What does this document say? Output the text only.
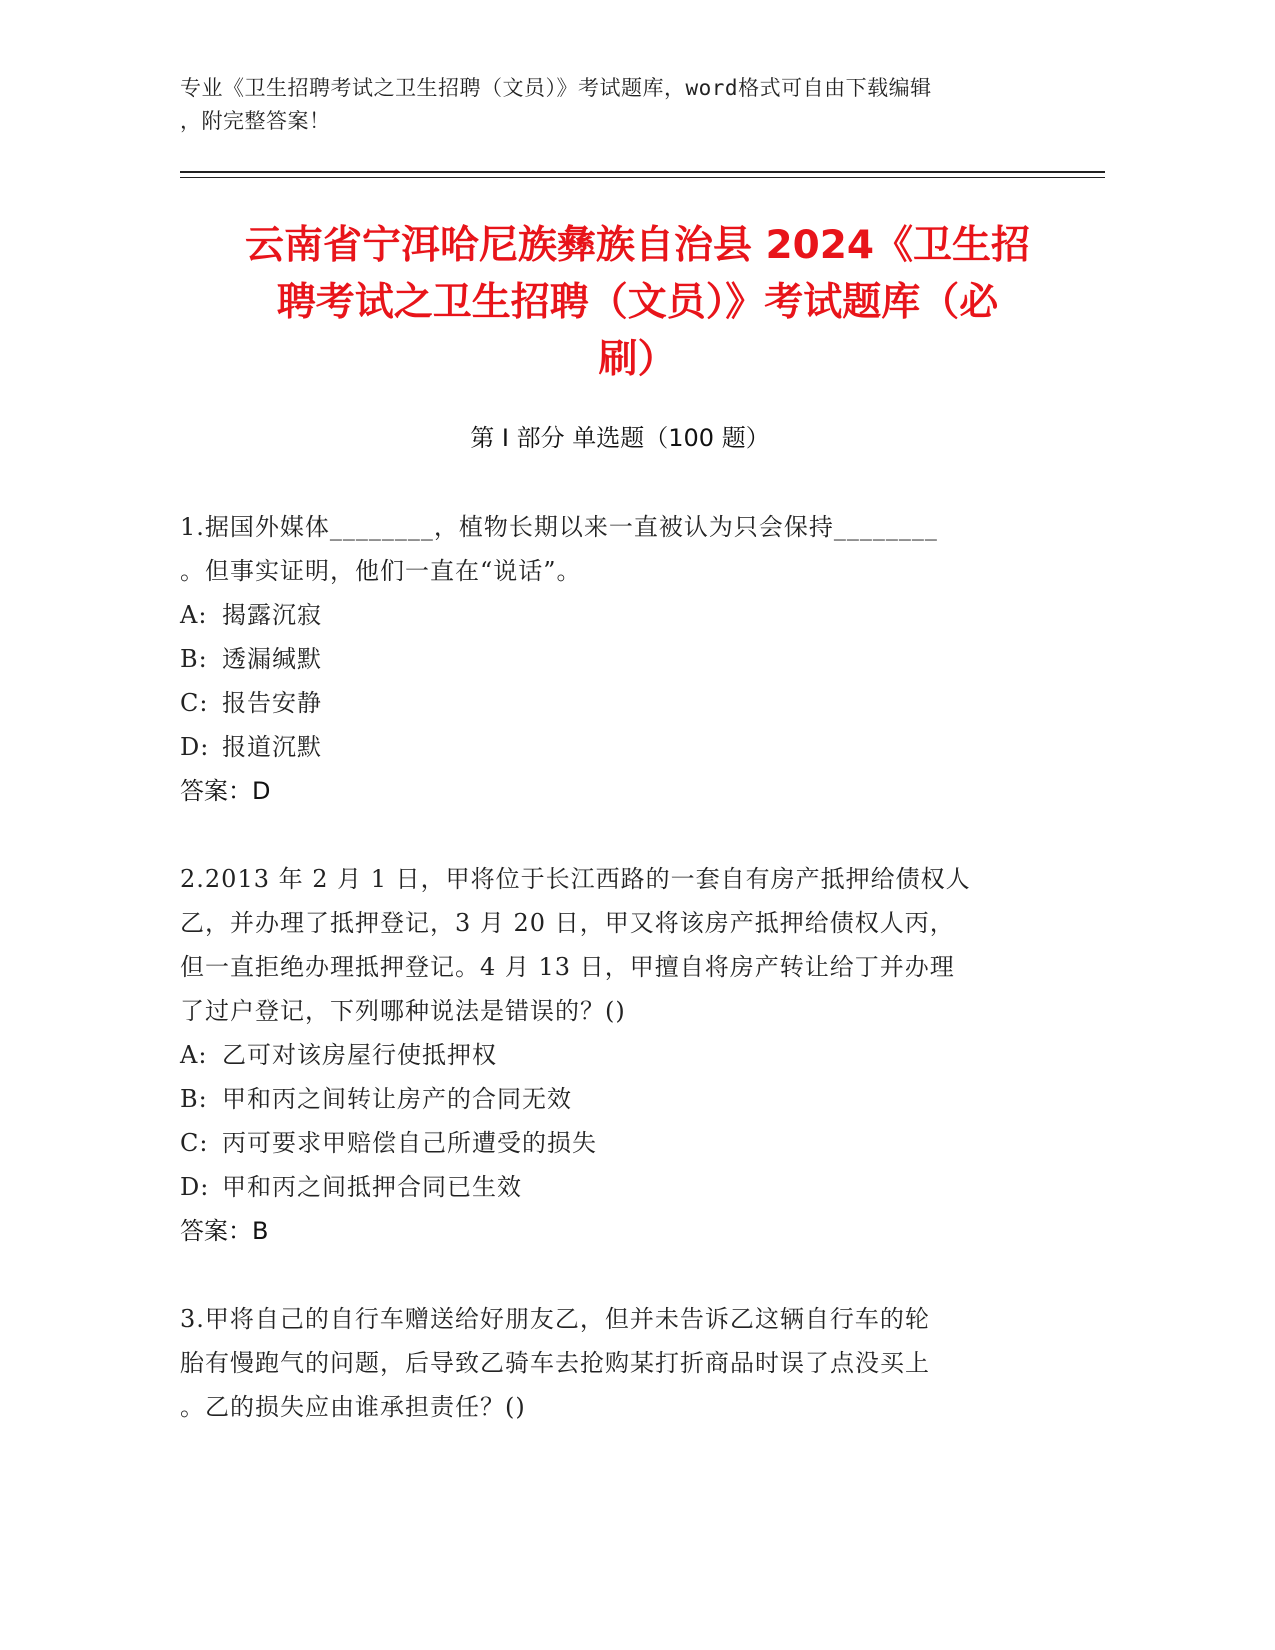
专业《卫生招聘考试之卫生招聘（文员）》考试题库，word格式可自由下载编辑
，附完整答案！
云南省宁洱哈尼族彝族自治县 2024《卫生招
聘考试之卫生招聘（文员）》考试题库（必
刷）
第 I 部分 单选题（100 题）
1.据国外媒体________，植物长期以来一直被认为只会保持________
。但事实证明，他们一直在“说话”。
A: 揭露沉寂
B: 透漏缄默
C: 报告安静
D: 报道沉默
答案：D
2.2013 年 2 月 1 日，甲将位于长江西路的一套自有房产抵押给债权人
乙，并办理了抵押登记，3 月 20 日，甲又将该房产抵押给债权人丙，
但一直拒绝办理抵押登记。4 月 13 日，甲擅自将房产转让给丁并办理
了过户登记，下列哪种说法是错误的？()
A: 乙可对该房屋行使抵押权
B: 甲和丙之间转让房产的合同无效
C: 丙可要求甲赔偿自己所遭受的损失
D: 甲和丙之间抵押合同已生效
答案：B
3.甲将自己的自行车赠送给好朋友乙，但并未告诉乙这辆自行车的轮
胎有慢跑气的问题，后导致乙骑车去抢购某打折商品时误了点没买上
。乙的损失应由谁承担责任？()
